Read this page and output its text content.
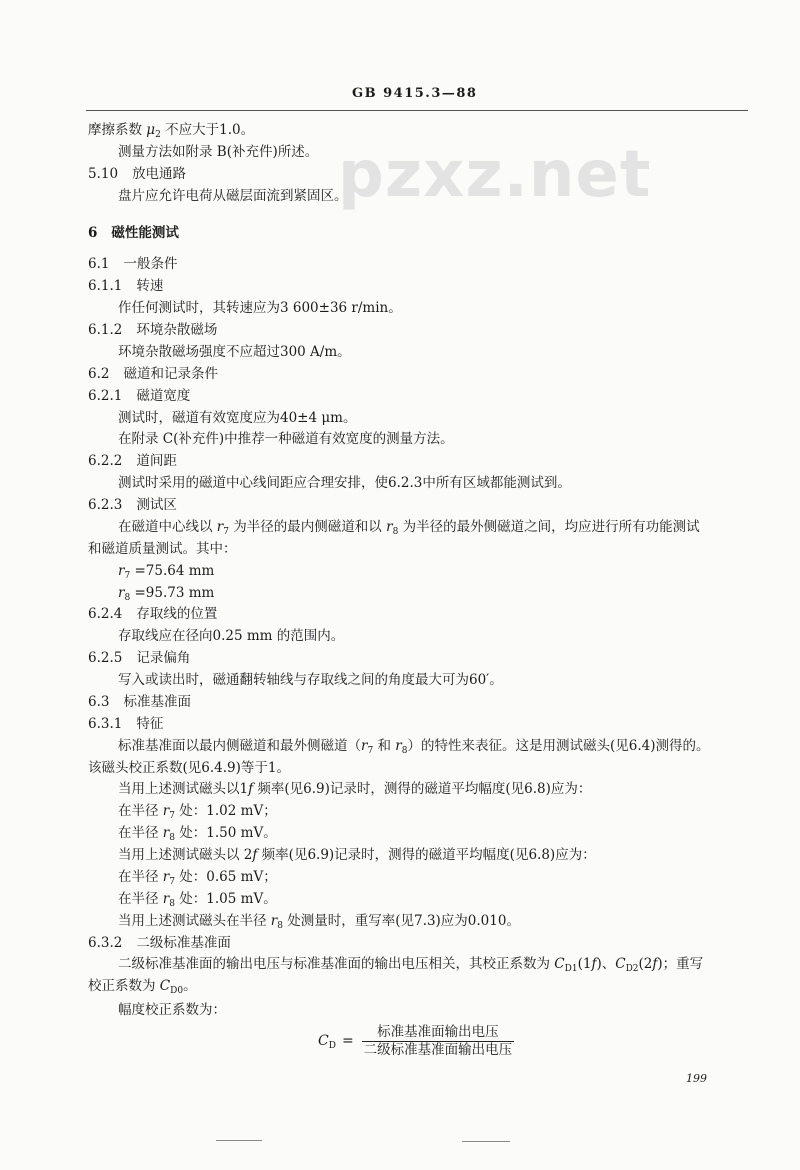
pzxz.net
GB 9415.3—88
摩擦系数 $\mu_2$ 不应大于1.0。
测量方法如附录 B(补充件)所述。
5.10 放电通路
盘片应允许电荷从磁层面流到紧固区。
6 磁性能测试
6.1 一般条件
6.1.1 转速
作任何测试时，其转速应为3 600±36 r/min。
6.1.2 环境杂散磁场
环境杂散磁场强度不应超过300 A/m。
6.2 磁道和记录条件
6.2.1 磁道宽度
测试时，磁道有效宽度应为40±4 μm。
在附录 C(补充件)中推荐一种磁道有效宽度的测量方法。
6.2.2 道间距
测试时采用的磁道中心线间距应合理安排，使6.2.3中所有区域都能测试到。
6.2.3 测试区
在磁道中心线以 $r_7$ 为半径的最内侧磁道和以 $r_8$ 为半径的最外侧磁道之间，均应进行所有功能测试
和磁道质量测试。其中：
$r_7 =75.64$ mm
$r_8 =95.73$ mm
6.2.4 存取线的位置
存取线应在径向0.25 mm 的范围内。
6.2.5 记录偏角
写入或读出时，磁通翻转轴线与存取线之间的角度最大可为60′。
6.3 标准基准面
6.3.1 特征
标准基准面以最内侧磁道和最外侧磁道（$r_7$ 和 $r_8$）的特性来表征。这是用测试磁头(见6.4)测得的。
该磁头校正系数(见6.4.9)等于1。
当用上述测试磁头以1f 频率(见6.9)记录时，测得的磁道平均幅度(见6.8)应为：
在半径 $r_7$ 处：1.02 mV；
在半径 $r_8$ 处：1.50 mV。
当用上述测试磁头以 2f 频率(见6.9)记录时，测得的磁道平均幅度(见6.8)应为：
在半径 $r_7$ 处：0.65 mV；
在半径 $r_8$ 处：1.05 mV。
当用上述测试磁头在半径 $r_8$ 处测量时，重写率(见7.3)应为0.010。
6.3.2 二级标准基准面
二级标准基准面的输出电压与标准基准面的输出电压相关，其校正系数为 $C_{D1}(1f)$、$C_{D2}(2f)$；重写
校正系数为 $C_{D0}$。
幅度校正系数为：
$C_D = \frac{\text{标准基准面输出电压}}{\text{二级标准基准面输出电压}}$
199
